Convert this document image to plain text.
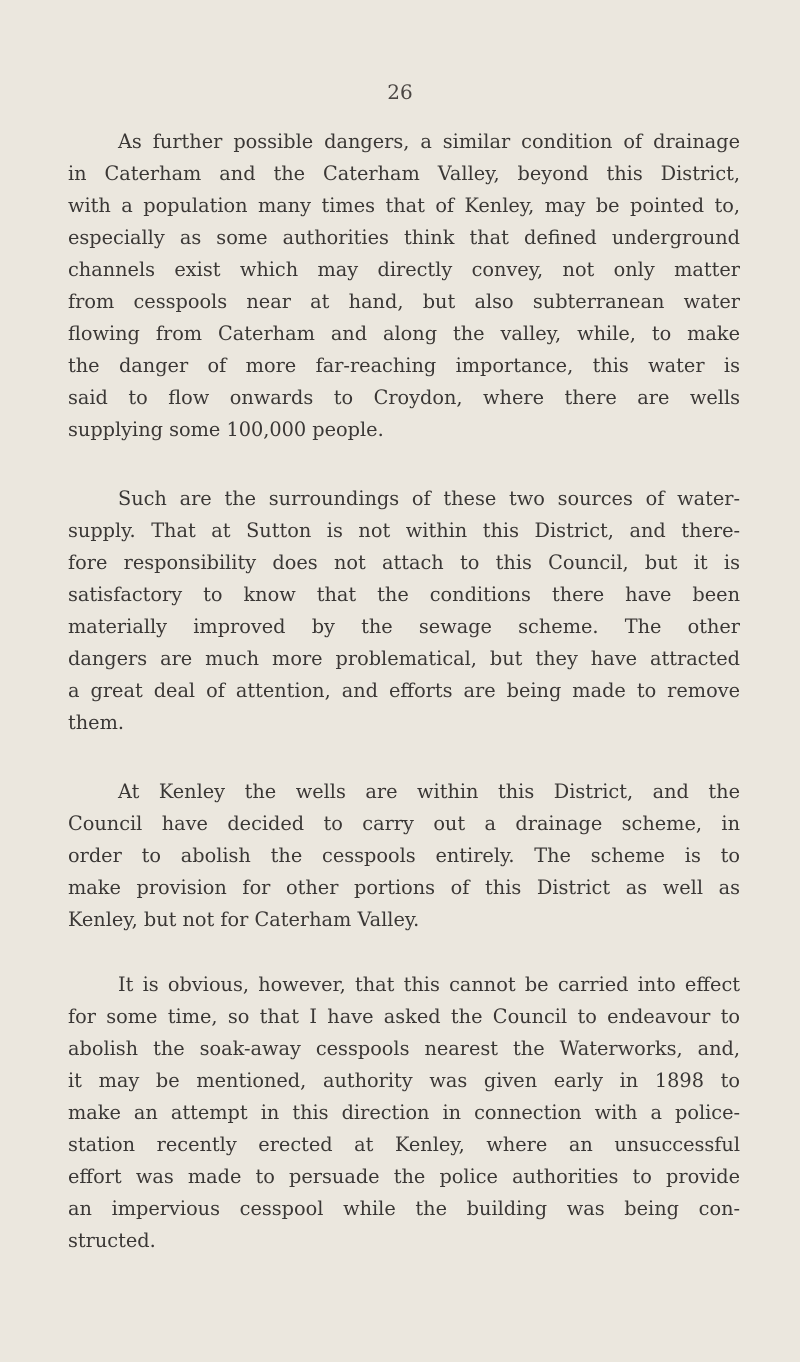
26
As further possible dangers, a similar condition of drainage
in Caterham and the Caterham Valley, beyond this District,
with a population many times that of Kenley, may be pointed to,
especially as some authorities think that defined underground
channels exist which may directly convey, not only matter
from cesspools near at hand, but also subterranean water
flowing from Caterham and along the valley, while, to make
the danger of more far-reaching importance, this water is
said to flow onwards to Croydon, where there are wells
supplying some 100,000 people.
Such are the surroundings of these two sources of water-
supply. That at Sutton is not within this District, and there-
fore responsibility does not attach to this Council, but it is
satisfactory to know that the conditions there have been
materially improved by the sewage scheme. The other
dangers are much more problematical, but they have attracted
a great deal of attention, and efforts are being made to remove
them.
At Kenley the wells are within this District, and the
Council have decided to carry out a drainage scheme, in
order to abolish the cesspools entirely. The scheme is to
make provision for other portions of this District as well as
Kenley, but not for Caterham Valley.
It is obvious, however, that this cannot be carried into effect
for some time, so that I have asked the Council to endeavour to
abolish the soak-away cesspools nearest the Waterworks, and,
it may be mentioned, authority was given early in 1898 to
make an attempt in this direction in connection with a police-
station recently erected at Kenley, where an unsuccessful
effort was made to persuade the police authorities to provide
an impervious cesspool while the building was being con-
structed.
